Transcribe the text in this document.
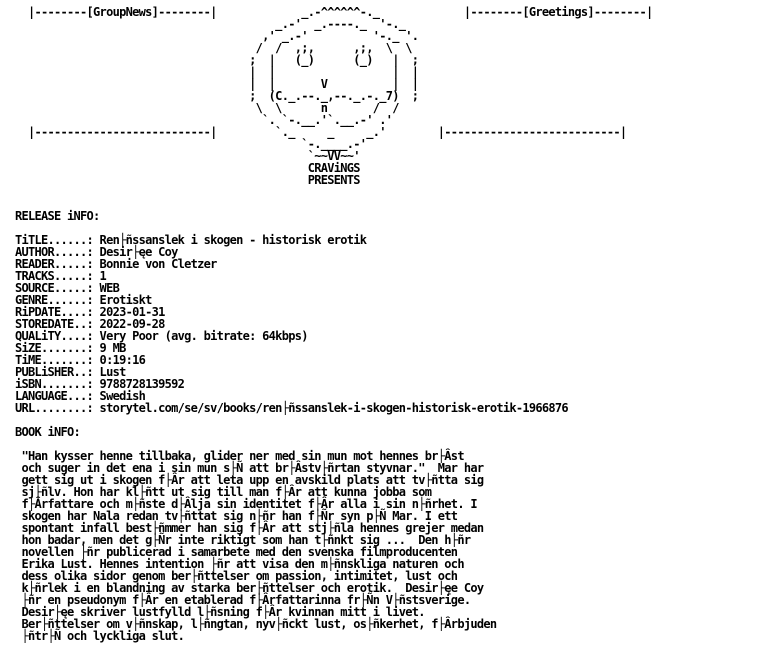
|--------[GroupNews]--------|             _.-^^^^^^-._             |--------[Greetings]--------|
_.-'  _.----._  '-._
,' _.-'          '-._ '.
/  /  ,;,      ,;,  \  \
;  |   (_)      (_)   |  ;
|  |                  |  |
|  |       V          |  |
;  (C._.--._,--._.-._7)  ;
\  \      n       /  /
`. `-.__.'`.__.-' .'
|---------------------------|         `._     _     _.'        |---------------------------|
`-.____.-'
`~~VV~~'
CRAViNGS
PRESENTS
RELEASE iNFO:
TiTLE......: Ren├ñssanslek i skogen - historisk erotik
AUTHOR.....: Desir├ęe Coy
READER.....: Bonnie von Cletzer
TRACKS.....: 1
SOURCE.....: WEB
GENRE......: Erotiskt
RiPDATE....: 2023-01-31
STOREDATE..: 2022-09-28
QUALiTY....: Very Poor (avg. bitrate: 64kbps)
SiZE.......: 9 MB
TiME.......: 0:19:16
PUBLiSHER..: Lust
iSBN.......: 9788728139592
LANGUAGE...: Swedish
URL........: storytel.com/se/sv/books/ren├ñssanslek-i-skogen-historisk-erotik-1966876
BOOK iNFO:
"Han kysser henne tillbaka, glider ner med sin mun mot hennes br├Âst
och suger in det ena i sin mun s├Ñ att br├Âstv├ñrtan styvnar."  Mar har
gett sig ut i skogen f├Âr att leta upp en avskild plats att tv├ñtta sig
sj├ñlv. Hon har kl├ñtt ut sig till man f├Âr att kunna jobba som
f├Ârfattare och m├ñste d├Âlja sin identitet f├Âr alla i sin n├ñrhet. I
skogen har Nala redan tv├ñttat sig n├ñr han f├Ñr syn p├Ñ Mar. I ett
spontant infall best├ñmmer han sig f├Âr att stj├ñla hennes grejer medan
hon badar, men det g├Ñr inte riktigt som han t├ñnkt sig ...  Den h├ñr
novellen ├ñr publicerad i samarbete med den svenska filmproducenten
Erika Lust. Hennes intention ├ñr att visa den m├ñnskliga naturen och
dess olika sidor genom ber├ñttelser om passion, intimitet, lust och
k├ñrlek i en blandning av starka ber├ñttelser och erotik.  Desir├ęe Coy
├ñr en pseudonym f├Âr en etablerad f├Ârfattarinna fr├Ñn V├ñstsverige.
Desir├ęe skriver lustfylld l├ñsning f├Âr kvinnan mitt i livet.
Ber├ñttelser om v├ñnskap, l├ñngtan, nyv├ñckt lust, os├ñkerhet, f├Ârbjuden
├ñtr├Ñ och lyckliga slut.
